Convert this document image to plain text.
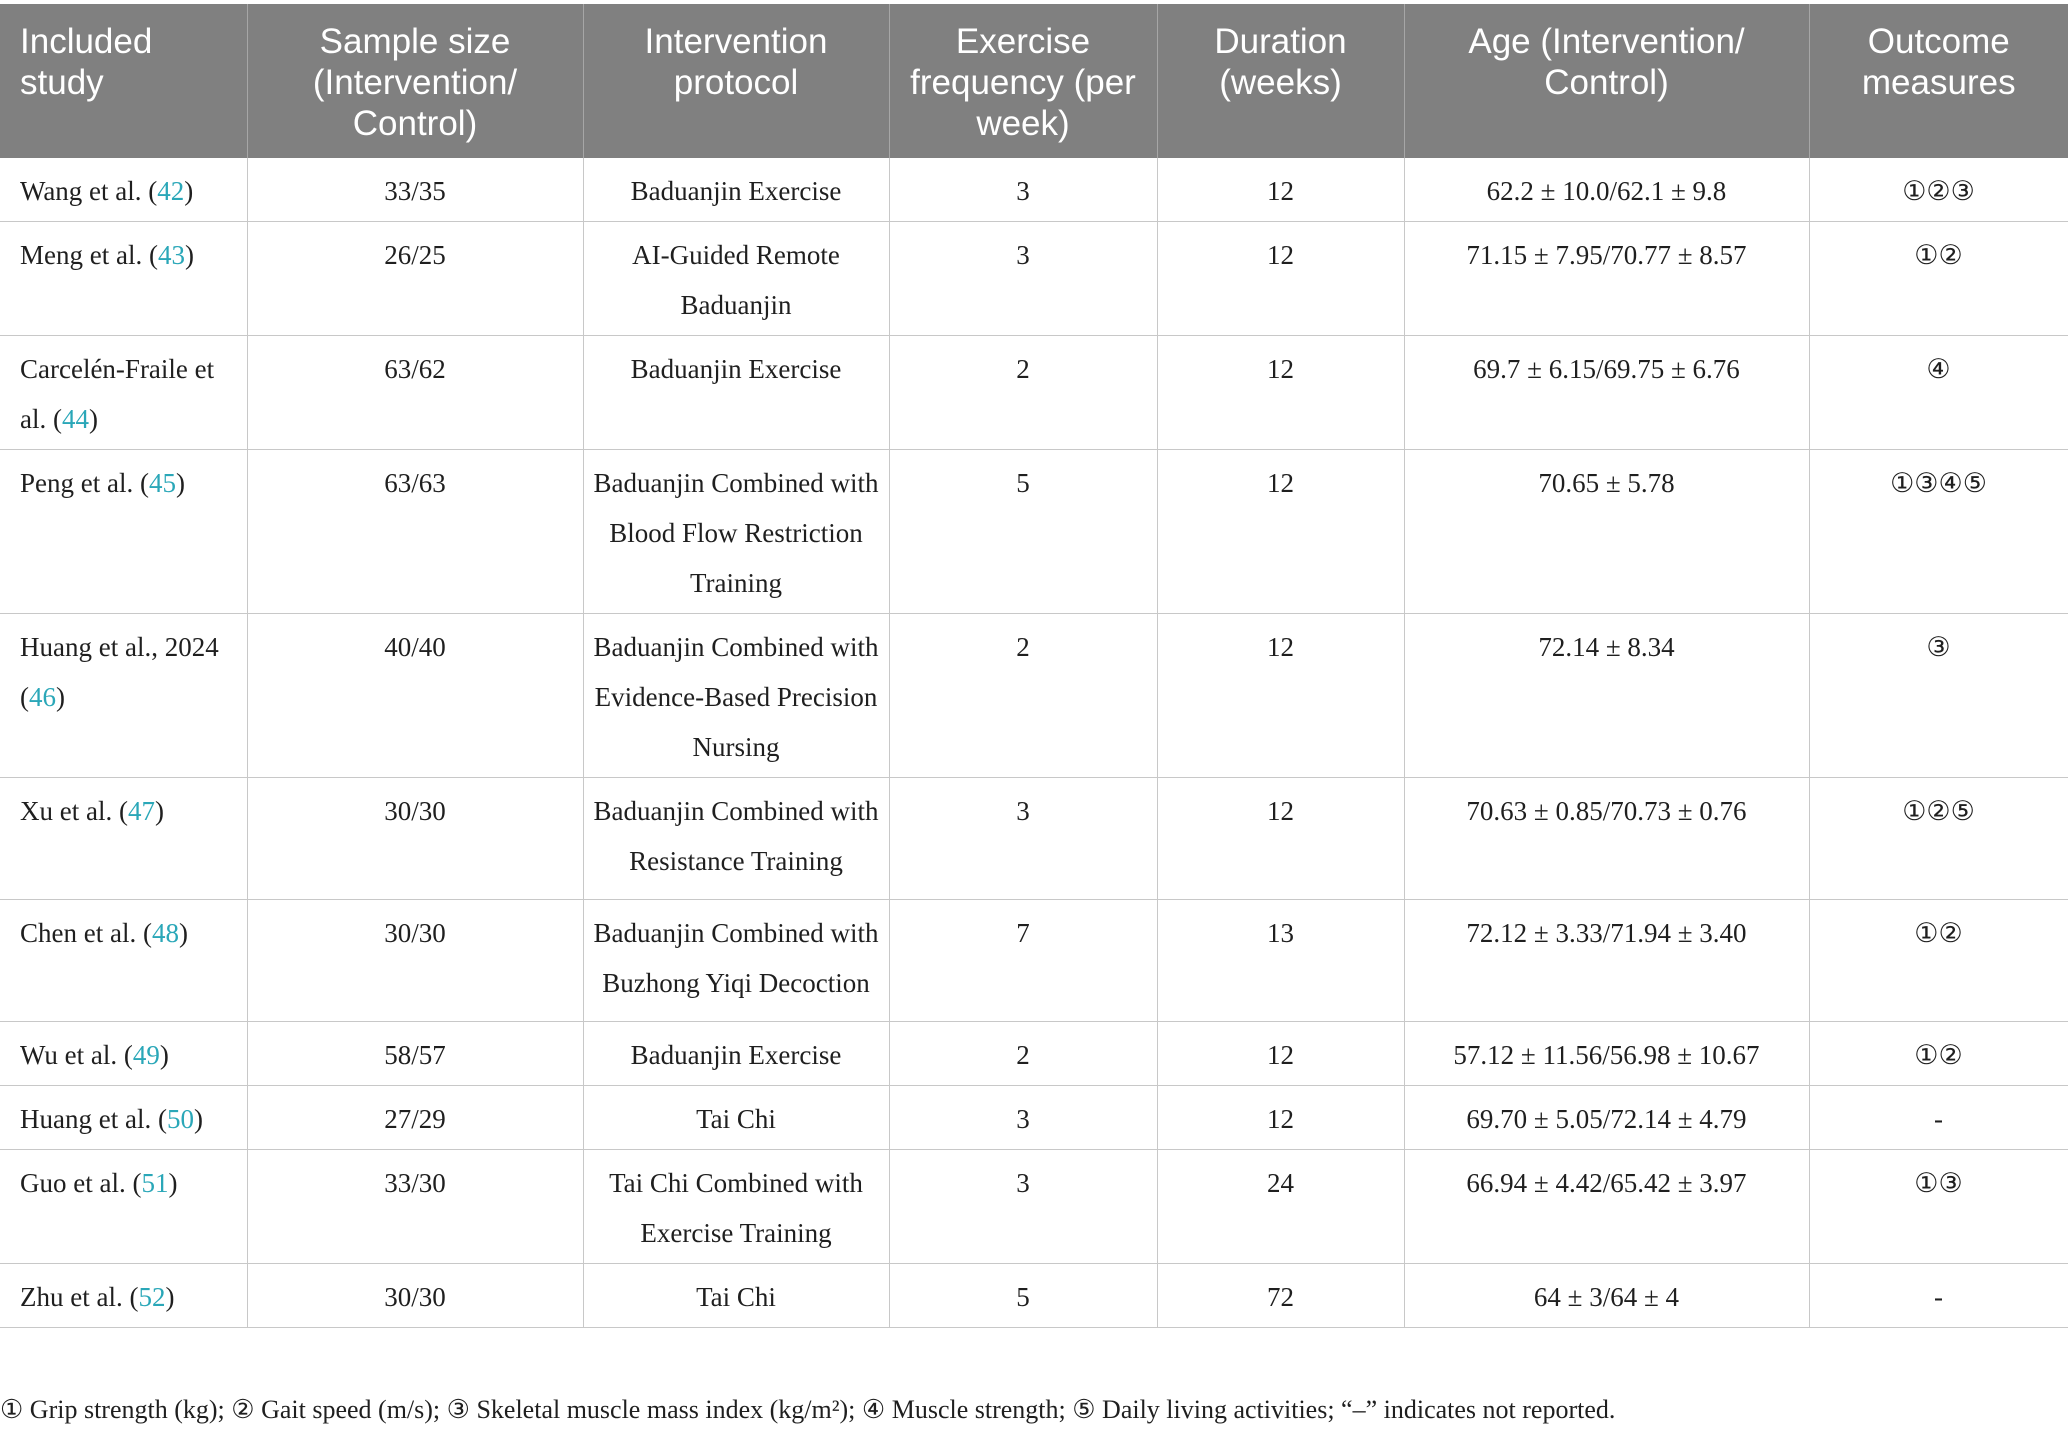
Included study	Sample size (Intervention/ Control)	Intervention protocol	Exercise frequency (per week)	Duration (weeks)	Age (Intervention/ Control)	Outcome measures
Wang et al. (42)	33/35	Baduanjin Exercise	3	12	62.2 ± 10.0/62.1 ± 9.8	①②③
Meng et al. (43)	26/25	AI-Guided Remote Baduanjin	3	12	71.15 ± 7.95/70.77 ± 8.57	①②
Carcelén-Fraile et al. (44)	63/62	Baduanjin Exercise	2	12	69.7 ± 6.15/69.75 ± 6.76	④
Peng et al. (45)	63/63	Baduanjin Combined with Blood Flow Restriction Training	5	12	70.65 ± 5.78	①③④⑤
Huang et al., 2024 (46)	40/40	Baduanjin Combined with Evidence-Based Precision Nursing	2	12	72.14 ± 8.34	③
Xu et al. (47)	30/30	Baduanjin Combined with Resistance Training	3	12	70.63 ± 0.85/70.73 ± 0.76	①②⑤
Chen et al. (48)	30/30	Baduanjin Combined with Buzhong Yiqi Decoction	7	13	72.12 ± 3.33/71.94 ± 3.40	①②
Wu et al. (49)	58/57	Baduanjin Exercise	2	12	57.12 ± 11.56/56.98 ± 10.67	①②
Huang et al. (50)	27/29	Tai Chi	3	12	69.70 ± 5.05/72.14 ± 4.79	-
Guo et al. (51)	33/30	Tai Chi Combined with Exercise Training	3	24	66.94 ± 4.42/65.42 ± 3.97	①③
Zhu et al. (52)	30/30	Tai Chi	5	72	64 ± 3/64 ± 4	-
① Grip strength (kg); ② Gait speed (m/s); ③ Skeletal muscle mass index (kg/m²); ④ Muscle strength; ⑤ Daily living activities; “–” indicates not reported.
